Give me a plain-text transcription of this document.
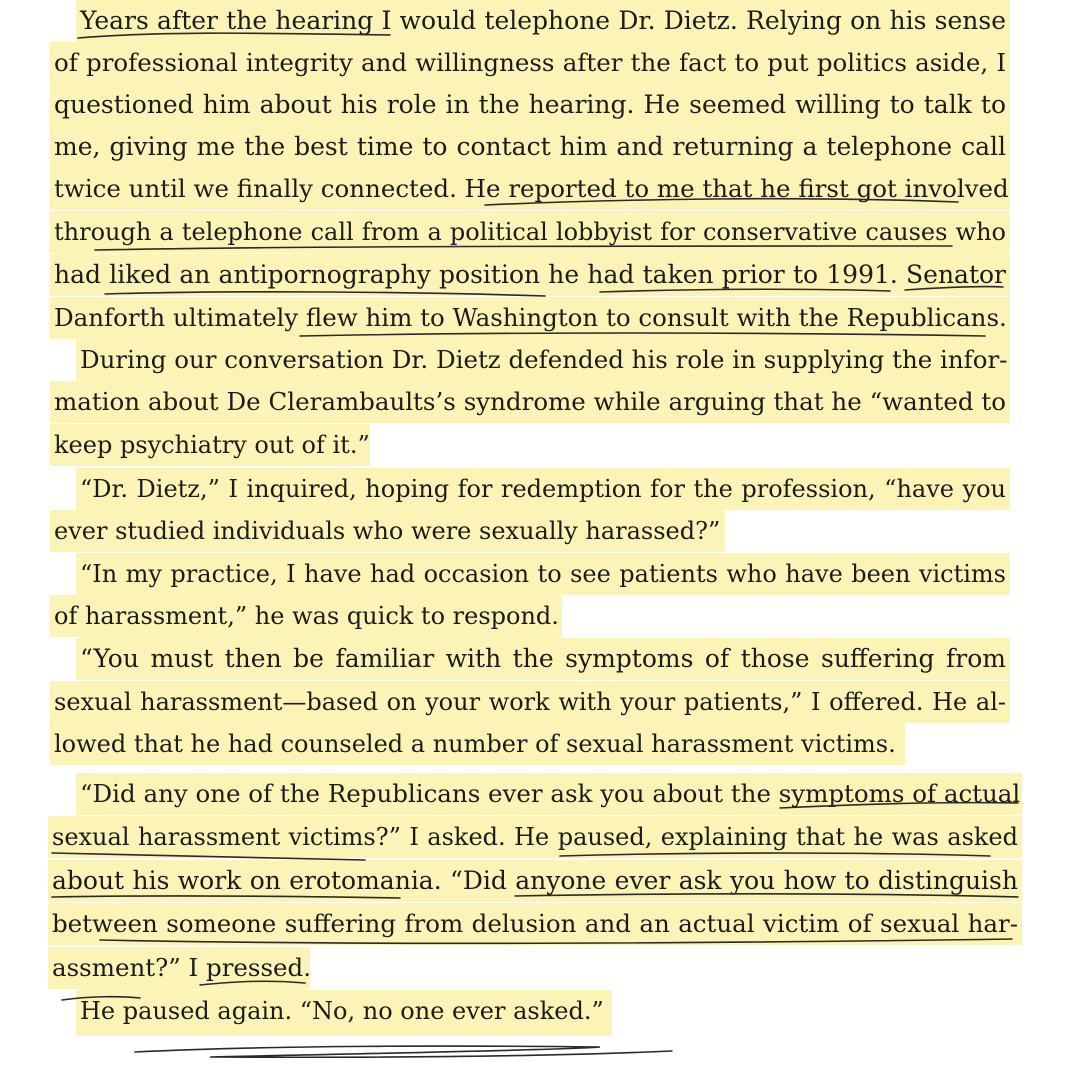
Years after the hearing I would telephone Dr. Dietz. Relying on his sense
of professional integrity and willingness after the fact to put politics aside, I
questioned him about his role in the hearing. He seemed willing to talk to
me, giving me the best time to contact him and returning a telephone call
twice until we finally connected. He reported to me that he first got involved
through a telephone call from a political lobbyist for conservative causes who
had liked an antipornography position he had taken prior to 1991. Senator
Danforth ultimately flew him to Washington to consult with the Republicans.
During our conversation Dr. Dietz defended his role in supplying the infor-
mation about De Clerambaults’s syndrome while arguing that he “wanted to
keep psychiatry out of it.”
“Dr. Dietz,” I inquired, hoping for redemption for the profession, “have you
ever studied individuals who were sexually harassed?”
“In my practice, I have had occasion to see patients who have been victims
of harassment,” he was quick to respond.
“You must then be familiar with the symptoms of those suffering from
sexual harassment—based on your work with your patients,” I offered. He al-
lowed that he had counseled a number of sexual harassment victims.
“Did any one of the Republicans ever ask you about the symptoms of actual
sexual harassment victims?” I asked. He paused, explaining that he was asked
about his work on erotomania. “Did anyone ever ask you how to distinguish
between someone suffering from delusion and an actual victim of sexual har-
assment?” I pressed.
He paused again. “No, no one ever asked.”
